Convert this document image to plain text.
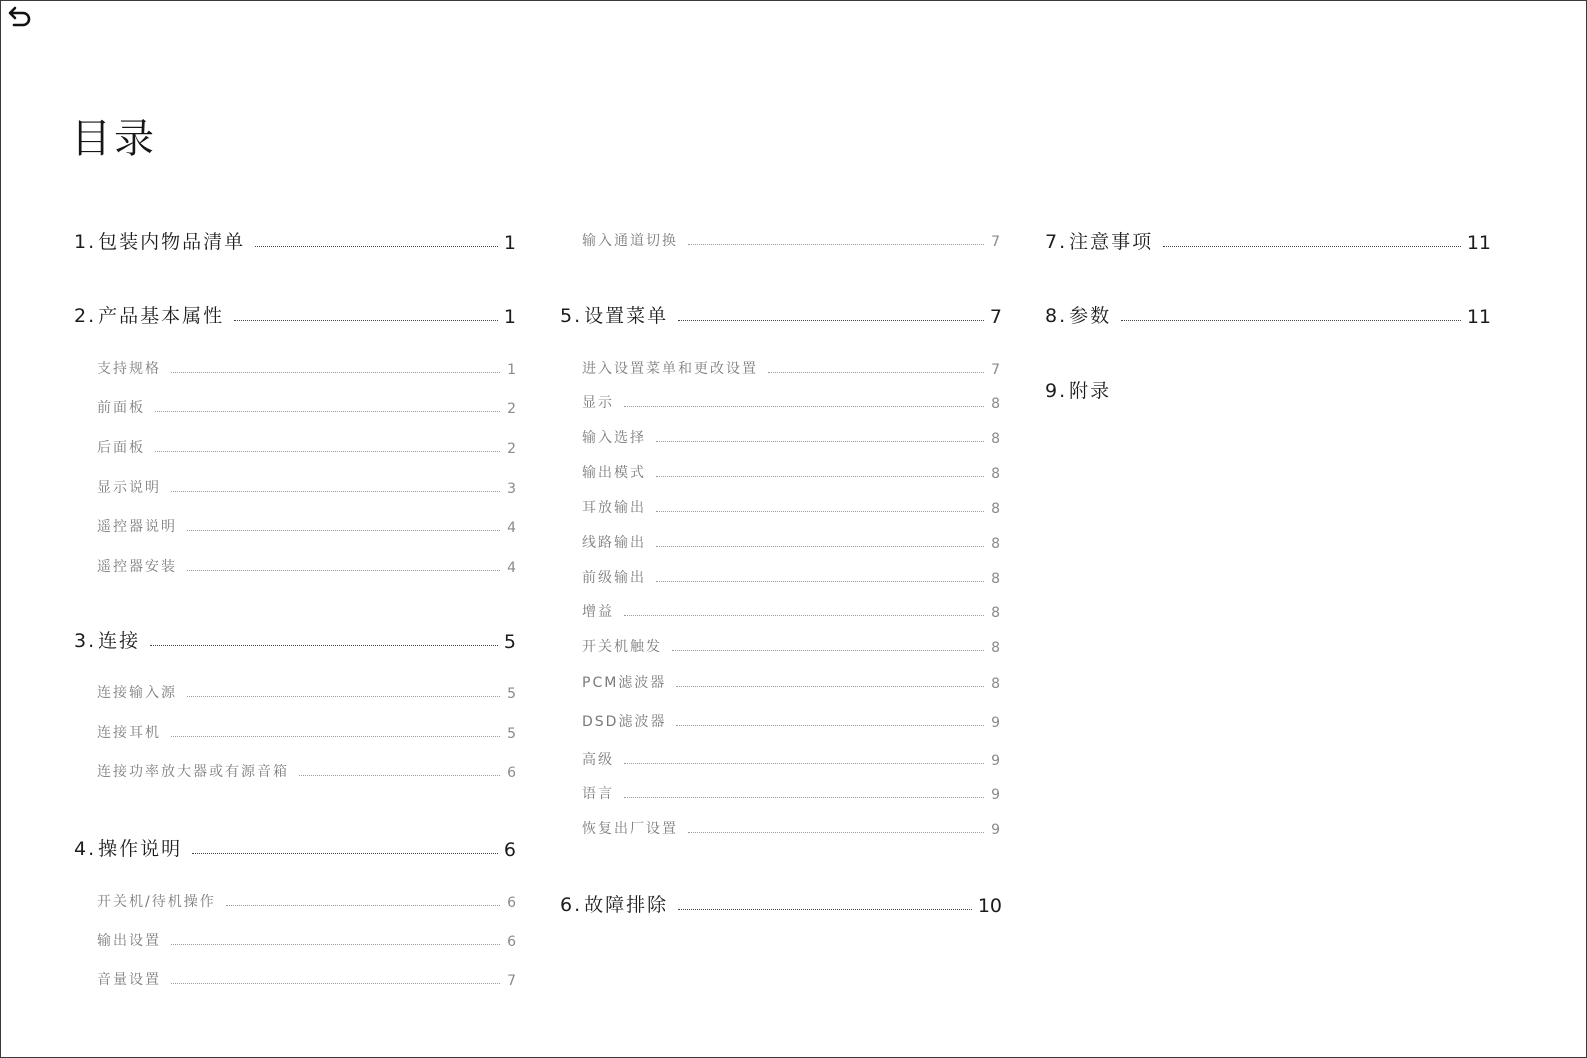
目录
1. 包装内物品清单	1
2. 产品基本属性	1
支持规格	1
前面板	2
后面板	2
显示说明	3
遥控器说明	4
遥控器安装	4
3. 连接	5
连接输入源	5
连接耳机	5
连接功率放大器或有源音箱	6
4. 操作说明	6
开关机/待机操作	6
输出设置	6
音量设置	7
输入通道切换	7
5. 设置菜单	7
进入设置菜单和更改设置	7
显示	8
输入选择	8
输出模式	8
耳放输出	8
线路输出	8
前级输出	8
增益	8
开关机触发	8
PCM滤波器	8
DSD滤波器	9
高级	9
语言	9
恢复出厂设置	9
6. 故障排除	10
7. 注意事项	11
8. 参数	11
9. 附录
